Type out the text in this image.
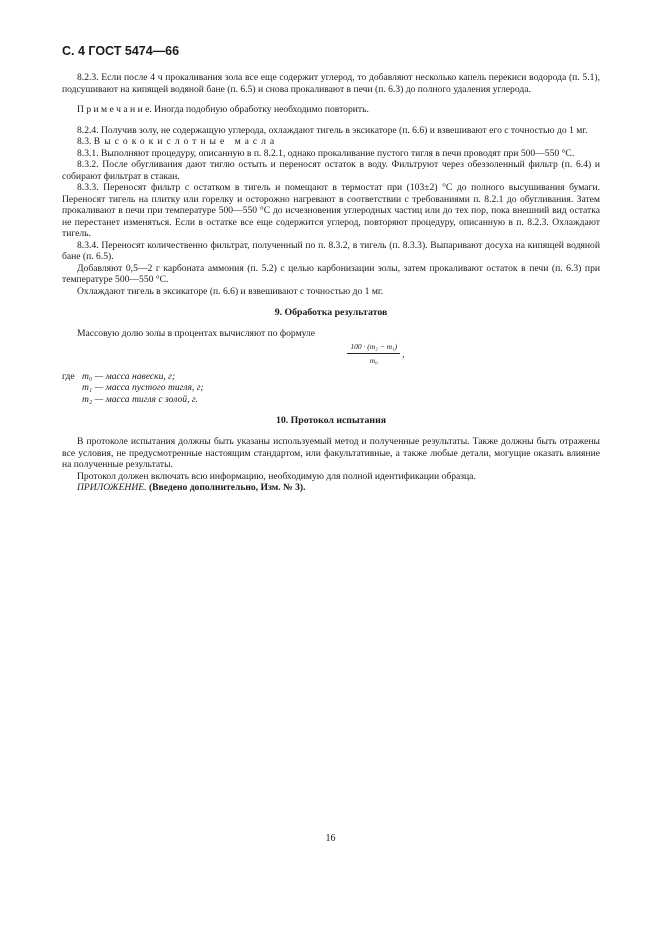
С. 4 ГОСТ 5474—66

8.2.3. Если после 4 ч прокаливания зола все еще содержит углерод, то добавляют несколько капель перекиси водорода (п. 5.1), подсушивают на кипящей водяной бане (п. 6.5) и снова прокаливают в печи (п. 6.3) до полного удаления углерода.

П р и м е ч а н и е. Иногда подобную обработку необходимо повторить.

8.2.4. Получив золу, не содержащую углерода, охлаждают тигель в эксикаторе (п. 6.6) и взвешивают его с точностью до 1 мг.

8.3. Высококислотные масла

8.3.1. Выполняют процедуру, описанную в п. 8.2.1, однако прокаливание пустого тигля в печи проводят при 500—550 °С.

8.3.2. После обугливания дают тиглю остыть и переносят остаток в воду. Фильтруют через обеззоленный фильтр (п. 6.4) и собирают фильтрат в стакан.

8.3.3. Переносят фильтр с остатком в тигель и помещают в термостат при (103±2) °С до полного высушивания бумаги. Переносят тигель на плитку или горелку и осторожно нагревают в соответствии с требованиями п. 8.2.1 до обугливания. Затем прокаливают в печи при температуре 500—550 °С до исчезновения углеродных частиц или до тех пор, пока внешний вид остатка не перестанет изменяться. Если в остатке все еще содержится углерод, повторяют процедуру, описанную в п. 8.2.3. Охлаждают тигель.

8.3.4. Переносят количественно фильтрат, полученный по п. 8.3.2, в тигель (п. 8.3.3). Выпаривают досуха на кипящей водяной бане (п. 6.5).

Добавляют 0,5—2 г карбоната аммония (п. 5.2) с целью карбонизации золы, затем прокаливают остаток в печи (п. 6.3) при температуре 500—550 °С.

Охлаждают тигель в эксикаторе (п. 6.6) и взвешивают с точностью до 1 мг.

9. Обработка результатов

Массовую долю золы в процентах вычисляют по формуле

$\frac{\text{100 · (m₂ − m₁)}}{\text{m₀}}$ ,
где m₀ — масса навески, г;
m₁ — масса пустого тигля, г;
m₂ — масса тигля с золой, г.
10. Протокол испытания

В протоколе испытания должны быть указаны используемый метод и полученные результаты. Также должны быть отражены все условия, не предусмотренные настоящим стандартом, или факультативные, а также любые детали, могущие оказать влияние на полученные результаты.

Протокол должен включать всю информацию, необходимую для полной идентификации образца.

ПРИЛОЖЕНИЕ. (Введено дополнительно, Изм. № 3).

16
